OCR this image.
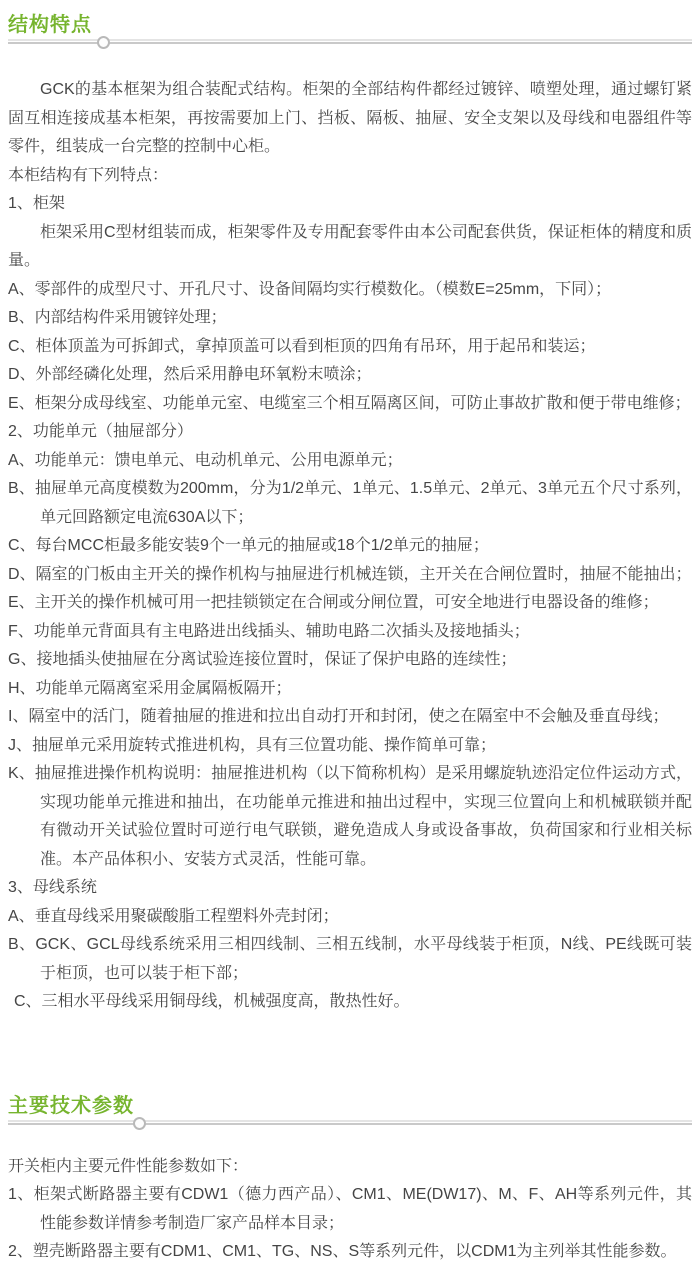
结构特点

GCK的基本框架为组合装配式结构。柜架的全部结构件都经过镀锌、喷塑处理，通过螺钉紧固互相连接成基本柜架，再按需要加上门、挡板、隔板、抽屉、安全支架以及母线和电器组件等零件，组装成一台完整的控制中心柜。

本柜结构有下列特点：

1、柜架

柜架采用C型材组装而成，柜架零件及专用配套零件由本公司配套供货，保证柜体的精度和质量。

A、零部件的成型尺寸、开孔尺寸、设备间隔均实行模数化。（模数E=25mm，下同）；

B、内部结构件采用镀锌处理；

C、柜体顶盖为可拆卸式，拿掉顶盖可以看到柜顶的四角有吊环，用于起吊和装运；

D、外部经磷化处理，然后采用静电环氧粉末喷涂；

E、柜架分成母线室、功能单元室、电缆室三个相互隔离区间，可防止事故扩散和便于带电维修；

2、功能单元（抽屉部分）

A、功能单元：馈电单元、电动机单元、公用电源单元；

B、抽屉单元高度模数为200mm，分为1/2单元、1单元、1.5单元、2单元、3单元五个尺寸系列，单元回路额定电流630A以下；

C、每台MCC柜最多能安装9个一单元的抽屉或18个1/2单元的抽屉；

D、隔室的门板由主开关的操作机构与抽屉进行机械连锁，主开关在合闸位置时，抽屉不能抽出；

E、主开关的操作机械可用一把挂锁锁定在合闸或分闸位置，可安全地进行电器设备的维修；

F、功能单元背面具有主电路进出线插头、辅助电路二次插头及接地插头；

G、接地插头使抽屉在分离试验连接位置时，保证了保护电路的连续性；

H、功能单元隔离室采用金属隔板隔开；

I、隔室中的活门，随着抽屉的推进和拉出自动打开和封闭，使之在隔室中不会触及垂直母线；

J、抽屉单元采用旋转式推进机构，具有三位置功能、操作简单可靠；

K、抽屉推进操作机构说明：抽屉推进机构（以下简称机构）是采用螺旋轨迹沿定位件运动方式，实现功能单元推进和抽出，在功能单元推进和抽出过程中，实现三位置向上和机械联锁并配有微动开关试验位置时可逆行电气联锁，避免造成人身或设备事故，负荷国家和行业相关标准。本产品体积小、安装方式灵活，性能可靠。

3、母线系统

A、垂直母线采用聚碳酸脂工程塑料外壳封闭；

B、GCK、GCL母线系统采用三相四线制、三相五线制，水平母线装于柜顶，N线、PE线既可装于柜顶，也可以装于柜下部；

C、三相水平母线采用铜母线，机械强度高，散热性好。

主要技术参数

开关柜内主要元件性能参数如下：

1、柜架式断路器主要有CDW1（德力西产品）、CM1、ME(DW17)、M、F、AH等系列元件，其性能参数详情参考制造厂家产品样本目录；

2、塑壳断路器主要有CDM1、CM1、TG、NS、S等系列元件，以CDM1为主列举其性能参数。
